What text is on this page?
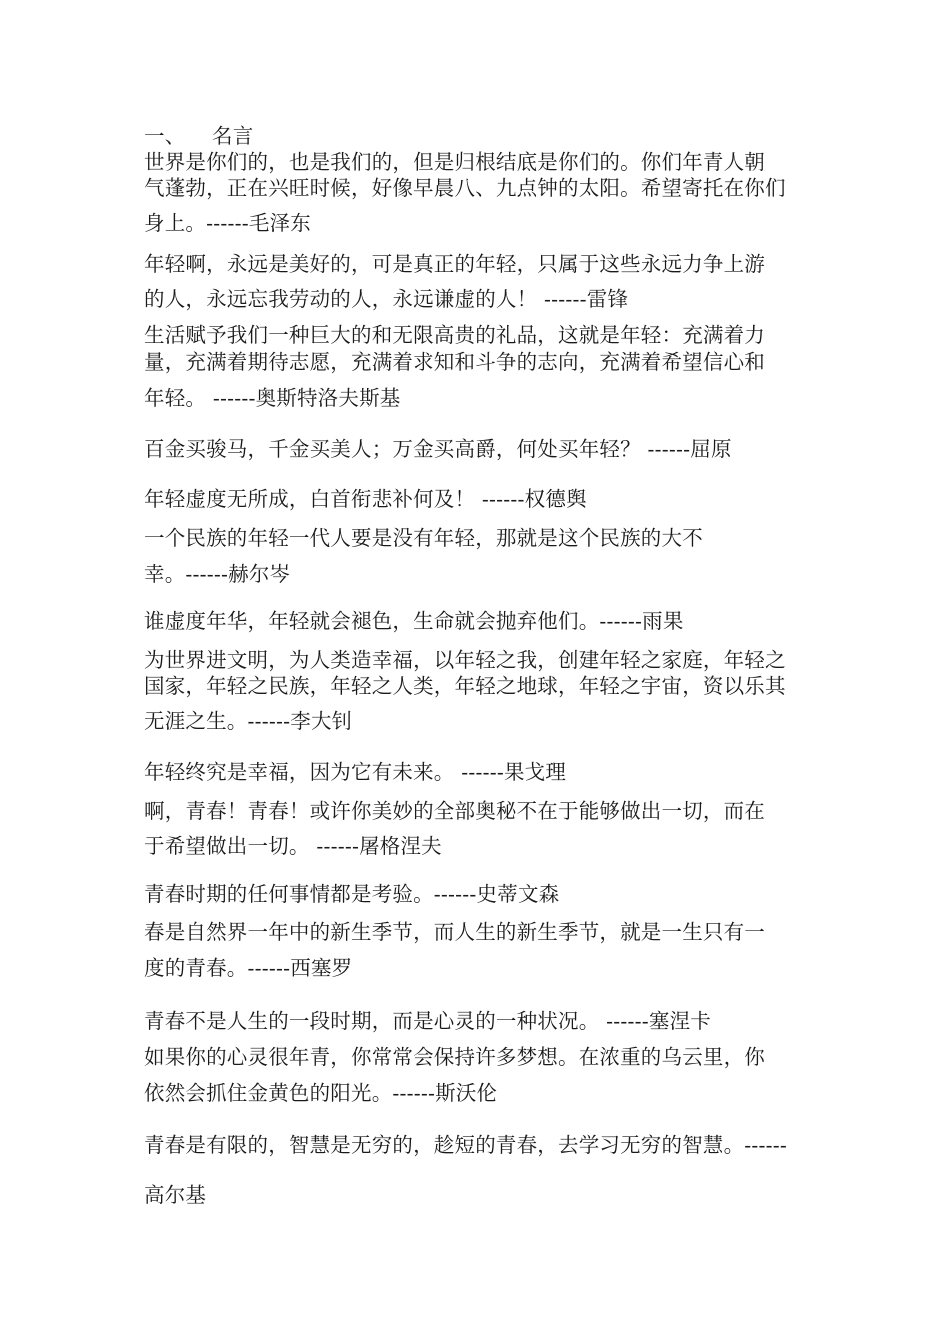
一、 名言
世界是你们的，也是我们的，但是归根结底是你们的。你们年青人朝
气蓬勃，正在兴旺时候，好像早晨八、九点钟的太阳。希望寄托在你们
身上。------毛泽东
年轻啊，永远是美好的，可是真正的年轻，只属于这些永远力争上游
的人，永远忘我劳动的人，永远谦虚的人！ ------雷锋
生活赋予我们一种巨大的和无限高贵的礼品，这就是年轻：充满着力
量，充满着期待志愿，充满着求知和斗争的志向，充满着希望信心和
年轻。 ------奥斯特洛夫斯基
百金买骏马，千金买美人；万金买高爵，何处买年轻？ ------屈原
年轻虚度无所成，白首衔悲补何及！ ------权德舆
一个民族的年轻一代人要是没有年轻，那就是这个民族的大不
幸。------赫尔岑
谁虚度年华，年轻就会褪色，生命就会抛弃他们。------雨果
为世界进文明，为人类造幸福，以年轻之我，创建年轻之家庭，年轻之
国家，年轻之民族，年轻之人类，年轻之地球，年轻之宇宙，资以乐其
无涯之生。------李大钊
年轻终究是幸福，因为它有未来。 ------果戈理
啊，青春！青春！或许你美妙的全部奥秘不在于能够做出一切，而在
于希望做出一切。 ------屠格涅夫
青春时期的任何事情都是考验。------史蒂文森
春是自然界一年中的新生季节，而人生的新生季节，就是一生只有一
度的青春。------西塞罗
青春不是人生的一段时期，而是心灵的一种状况。 ------塞涅卡
如果你的心灵很年青，你常常会保持许多梦想。在浓重的乌云里，你
依然会抓住金黄色的阳光。------斯沃伦
青春是有限的，智慧是无穷的，趁短的青春，去学习无穷的智慧。------
高尔基
